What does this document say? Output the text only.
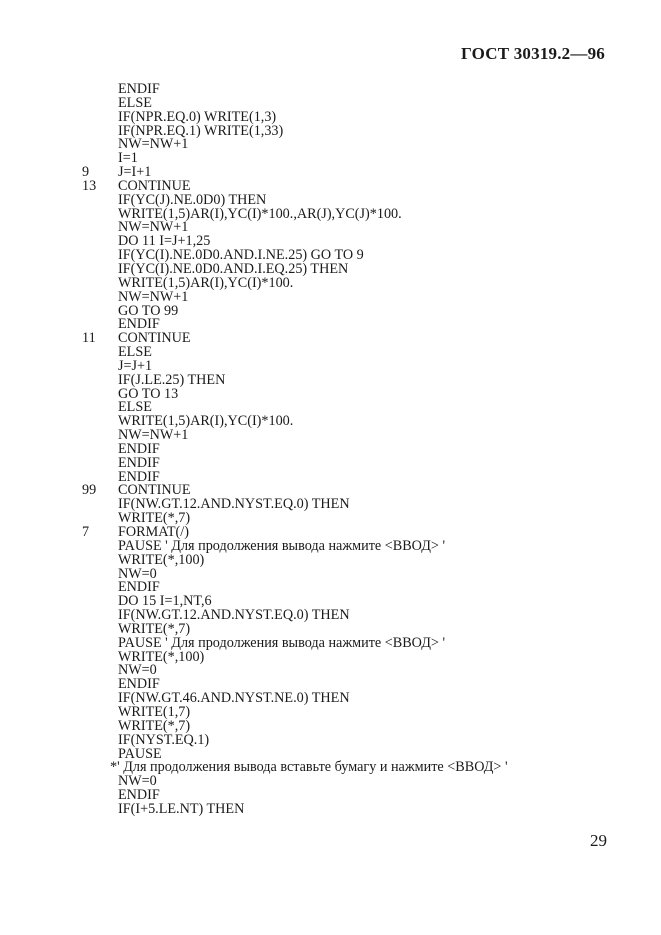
ГОСТ 30319.2—96
ENDIF
ELSE
IF(NPR.EQ.0) WRITE(1,3)
IF(NPR.EQ.1) WRITE(1,33)
NW=NW+1
I=1
9 J=I+1
13 CONTINUE
IF(YC(J).NE.0D0) THEN
WRITE(1,5)AR(I),YC(I)*100.,AR(J),YC(J)*100.
NW=NW+1
DO 11 I=J+1,25
IF(YC(I).NE.0D0.AND.I.NE.25) GO TO 9
IF(YC(I).NE.0D0.AND.I.EQ.25) THEN
WRITE(1,5)AR(I),YC(I)*100.
NW=NW+1
GO TO 99
ENDIF
11 CONTINUE
ELSE
J=J+1
IF(J.LE.25) THEN
GO TO 13
ELSE
WRITE(1,5)AR(I),YC(I)*100.
NW=NW+1
ENDIF
ENDIF
ENDIF
99 CONTINUE
IF(NW.GT.12.AND.NYST.EQ.0) THEN
WRITE(*,7)
7 FORMAT(/)
PAUSE ' Для продолжения вывода нажмите <ВВОД> '
WRITE(*,100)
NW=0
ENDIF
DO 15 I=1,NT,6
IF(NW.GT.12.AND.NYST.EQ.0) THEN
WRITE(*,7)
PAUSE ' Для продолжения вывода нажмите <ВВОД> '
WRITE(*,100)
NW=0
ENDIF
IF(NW.GT.46.AND.NYST.NE.0) THEN
WRITE(1,7)
WRITE(*,7)
IF(NYST.EQ.1)
PAUSE
*' Для продолжения вывода вставьте бумагу и нажмите <ВВОД> '
NW=0
ENDIF
IF(I+5.LE.NT) THEN
29
